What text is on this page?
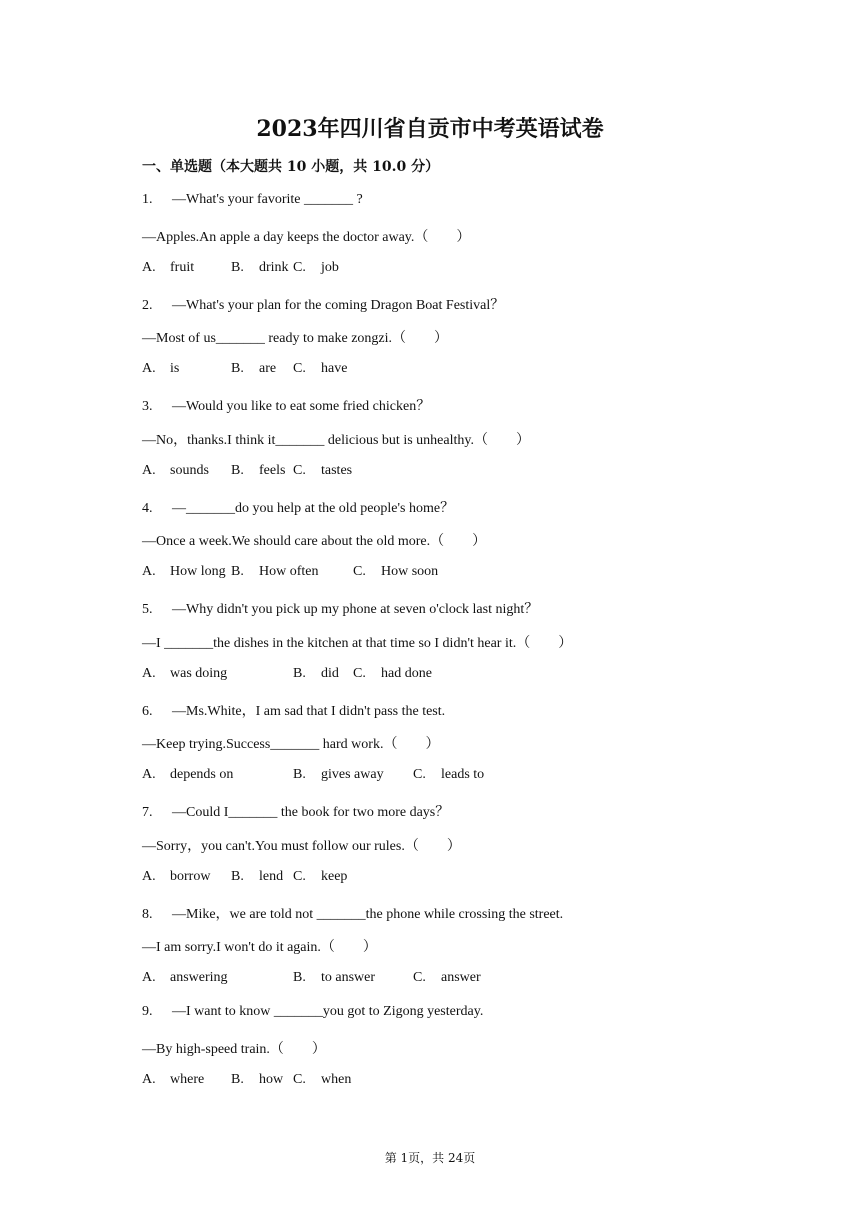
2023年四川省自贡市中考英语试卷
一、单选题（本大题共 10 小题，共 10.0 分）
1. —What's your favorite _______ ?
—Apples.An apple a day keeps the doctor away.（　　）
A. fruit	B. drink C. job
2. —What's your plan for the coming Dragon Boat Festival？
—Most of us_______ ready to make zongzi.（　　）
A. is	B. are C. have
3. —Would you like to eat some fried chicken？
—No，thanks.I think it_______ delicious but is unhealthy.（　　）
A. sounds B. feels C. tastes
4. —_______do you help at the old people's home？
—Once a week.We should care about the old more.（　　）
A. How long B. How often C. How soon
5. —Why didn't you pick up my phone at seven o'clock last night？
—I _______the dishes in the kitchen at that time so I didn't hear it.（　　）
A. was doing	B. did C. had done
6. —Ms.White，I am sad that I didn't pass the test.
—Keep trying.Success_______ hard work.（　　）
A. depends on	B. gives away C. leads to
7. —Could I_______ the book for two more days？
—Sorry，you can't.You must follow our rules.（　　）
A. borrow B. lend C. keep
8. —Mike，we are told not _______the phone while crossing the street.
—I am sorry.I won't do it again.（　　）
A. answering	B. to answer	C. answer
9. —I want to know _______you got to Zigong yesterday.
—By high-speed train.（　　）
A. where B. how C. when
第 1页，共 24页
